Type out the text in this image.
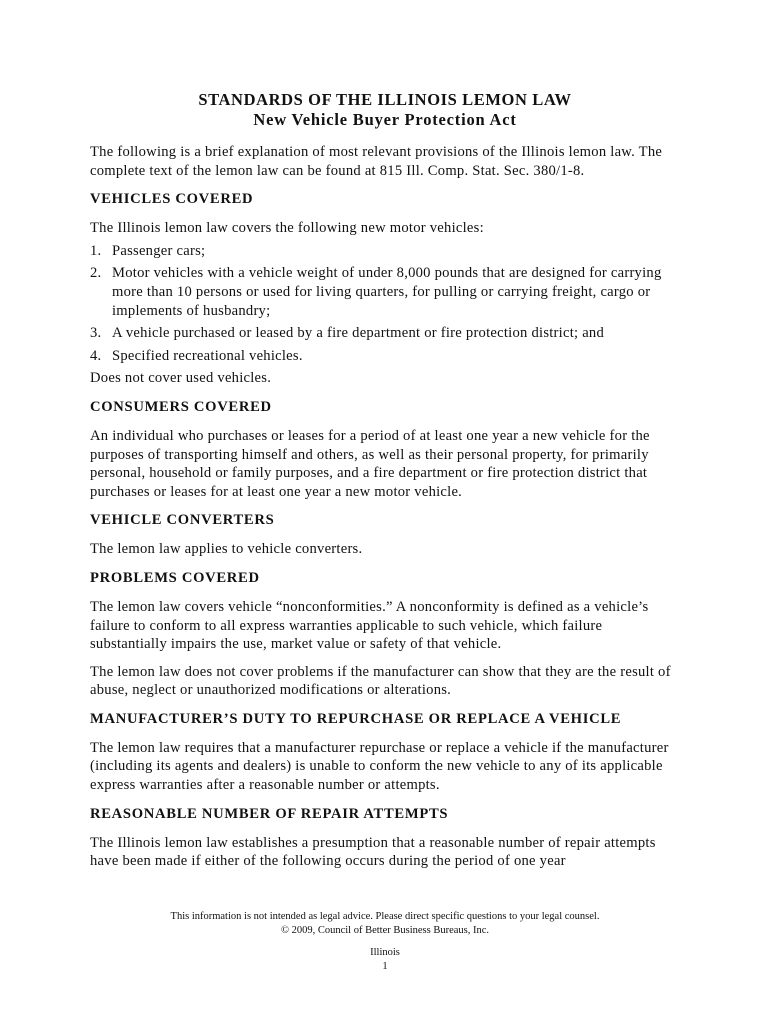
STANDARDS OF THE ILLINOIS LEMON LAW
New Vehicle Buyer Protection Act

The following is a brief explanation of most relevant provisions of the Illinois lemon law. The complete text of the lemon law can be found at 815 Ill. Comp. Stat. Sec. 380/1-8.

VEHICLES COVERED

The Illinois lemon law covers the following new motor vehicles:

1. Passenger cars;
2. Motor vehicles with a vehicle weight of under 8,000 pounds that are designed for carrying more than 10 persons or used for living quarters, for pulling or carrying freight, cargo or implements of husbandry;
3. A vehicle purchased or leased by a fire department or fire protection district; and
4. Specified recreational vehicles.

Does not cover used vehicles.

CONSUMERS COVERED

An individual who purchases or leases for a period of at least one year a new vehicle for the purposes of transporting himself and others, as well as their personal property, for primarily personal, household or family purposes, and a fire department or fire protection district that purchases or leases for at least one year a new motor vehicle.

VEHICLE CONVERTERS

The lemon law applies to vehicle converters.

PROBLEMS COVERED

The lemon law covers vehicle “nonconformities.” A nonconformity is defined as a vehicle’s failure to conform to all express warranties applicable to such vehicle, which failure substantially impairs the use, market value or safety of that vehicle.

The lemon law does not cover problems if the manufacturer can show that they are the result of abuse, neglect or unauthorized modifications or alterations.

MANUFACTURER’S DUTY TO REPURCHASE OR REPLACE A VEHICLE

The lemon law requires that a manufacturer repurchase or replace a vehicle if the manufacturer (including its agents and dealers) is unable to conform the new vehicle to any of its applicable express warranties after a reasonable number or attempts.

REASONABLE NUMBER OF REPAIR ATTEMPTS

The Illinois lemon law establishes a presumption that a reasonable number of repair attempts have been made if either of the following occurs during the period of one year

This information is not intended as legal advice. Please direct specific questions to your legal counsel.

© 2009, Council of Better Business Bureaus, Inc.

Illinois

1
